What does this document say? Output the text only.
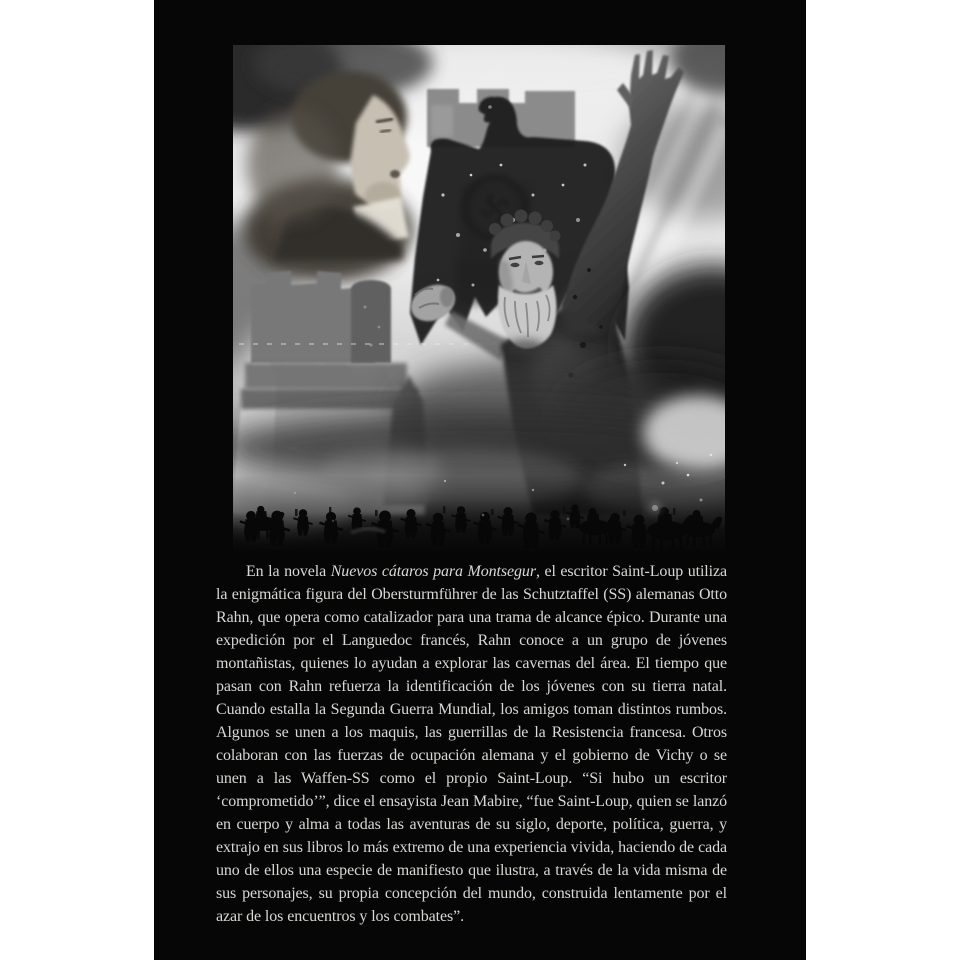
En la novela Nuevos cátaros para Montsegur, el escritor Saint-Loup utiliza la enigmática figura del Obersturmführer de las Schutztaffel (SS) alemanas Otto Rahn, que opera como catalizador para una trama de alcance épico. Durante una expedición por el Languedoc francés, Rahn conoce a un grupo de jóvenes montañistas, quienes lo ayudan a explorar las cavernas del área. El tiempo que pasan con Rahn refuerza la identificación de los jóvenes con su tierra natal. Cuando estalla la Segunda Guerra Mundial, los amigos toman distintos rumbos. Algunos se unen a los maquis, las guerrillas de la Resistencia francesa. Otros colaboran con las fuerzas de ocupación alemana y el gobierno de Vichy o se unen a las Waffen-SS como el propio Saint-Loup. “Si hubo un escritor ‘comprometido’”, dice el ensayista Jean Mabire, “fue Saint-Loup, quien se lanzó en cuerpo y alma a todas las aventuras de su siglo, deporte, política, guerra, y extrajo en sus libros lo más extremo de una experiencia vivida, haciendo de cada uno de ellos una especie de manifiesto que ilustra, a través de la vida misma de sus personajes, su propia concepción del mundo, construida lentamente por el azar de los encuentros y los combates”.
